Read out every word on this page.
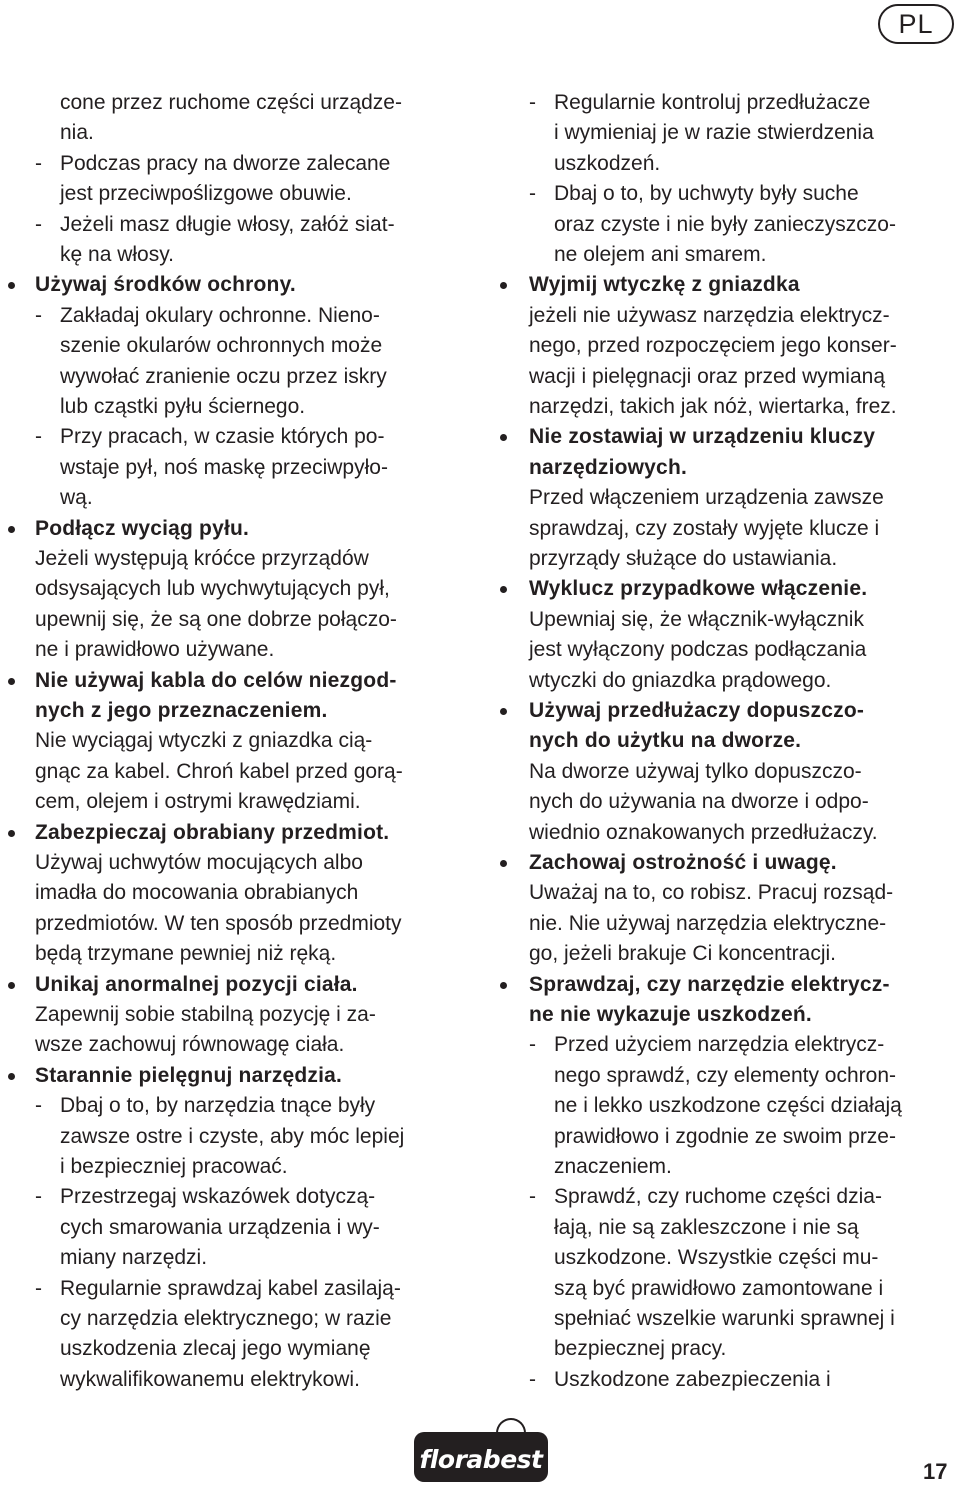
PL
cone przez ruchome części urządze-
nia.
- Podczas pracy na dworze zalecane
jest przeciwpoślizgowe obuwie.
- Jeżeli masz długie włosy, załóż siat-
kę na włosy.
Używaj środków ochrony.
- Zakładaj okulary ochronne. Nieno-
szenie okularów ochronnych może
wywołać zranienie oczu przez iskry
lub cząstki pyłu ściernego.
- Przy pracach, w czasie których po-
wstaje pył, noś maskę przeciwpyło-
wą.
Podłącz wyciąg pyłu.
Jeżeli występują króćce przyrządów
odsysających lub wychwytujących pył,
upewnij się, że są one dobrze połączo-
ne i prawidłowo używane.
Nie używaj kabla do celów niezgod-
nych z jego przeznaczeniem.
Nie wyciągaj wtyczki z gniazdka cią-
gnąc za kabel. Chroń kabel przed gorą-
cem, olejem i ostrymi krawędziami.
Zabezpieczaj obrabiany przedmiot.
Używaj uchwytów mocujących albo
imadła do mocowania obrabianych
przedmiotów. W ten sposób przedmioty
będą trzymane pewniej niż ręką.
Unikaj anormalnej pozycji ciała.
Zapewnij sobie stabilną pozycję i za-
wsze zachowuj równowagę ciała.
Starannie pielęgnuj narzędzia.
- Dbaj o to, by narzędzia tnące były
zawsze ostre i czyste, aby móc lepiej
i bezpieczniej pracować.
- Przestrzegaj wskazówek dotyczą-
cych smarowania urządzenia i wy-
miany narzędzi.
- Regularnie sprawdzaj kabel zasilają-
cy narzędzia elektrycznego; w razie
uszkodzenia zlecaj jego wymianę
wykwalifikowanemu elektrykowi.
- Regularnie kontroluj przedłużacze
i wymieniaj je w razie stwierdzenia
uszkodzeń.
- Dbaj o to, by uchwyty były suche
oraz czyste i nie były zanieczyszczo-
ne olejem ani smarem.
Wyjmij wtyczkę z gniazdka
jeżeli nie używasz narzędzia elektrycz-
nego, przed rozpoczęciem jego konser-
wacji i pielęgnacji oraz przed wymianą
narzędzi, takich jak nóż, wiertarka, frez.
Nie zostawiaj w urządzeniu kluczy
narzędziowych.
Przed włączeniem urządzenia zawsze
sprawdzaj, czy zostały wyjęte klucze i
przyrządy służące do ustawiania.
Wyklucz przypadkowe włączenie.
Upewniaj się, że włącznik-wyłącznik
jest wyłączony podczas podłączania
wtyczki do gniazdka prądowego.
Używaj przedłużaczy dopuszczo-
nych do użytku na dworze.
Na dworze używaj tylko dopuszczo-
nych do używania na dworze i odpo-
wiednio oznakowanych przedłużaczy.
Zachowaj ostrożność i uwagę.
Uważaj na to, co robisz. Pracuj rozsąd-
nie. Nie używaj narzędzia elektryczne-
go, jeżeli brakuje Ci koncentracji.
Sprawdzaj, czy narzędzie elektrycz-
ne nie wykazuje uszkodzeń.
- Przed użyciem narzędzia elektrycz-
nego sprawdź, czy elementy ochron-
ne i lekko uszkodzone części działają
prawidłowo i zgodnie ze swoim prze-
znaczeniem.
- Sprawdź, czy ruchome części dzia-
łają, nie są zakleszczone i nie są
uszkodzone. Wszystkie części mu-
szą być prawidłowo zamontowane i
spełniać wszelkie warunki sprawnej i
bezpiecznej pracy.
- Uszkodzone zabezpieczenia i
florabest	17
